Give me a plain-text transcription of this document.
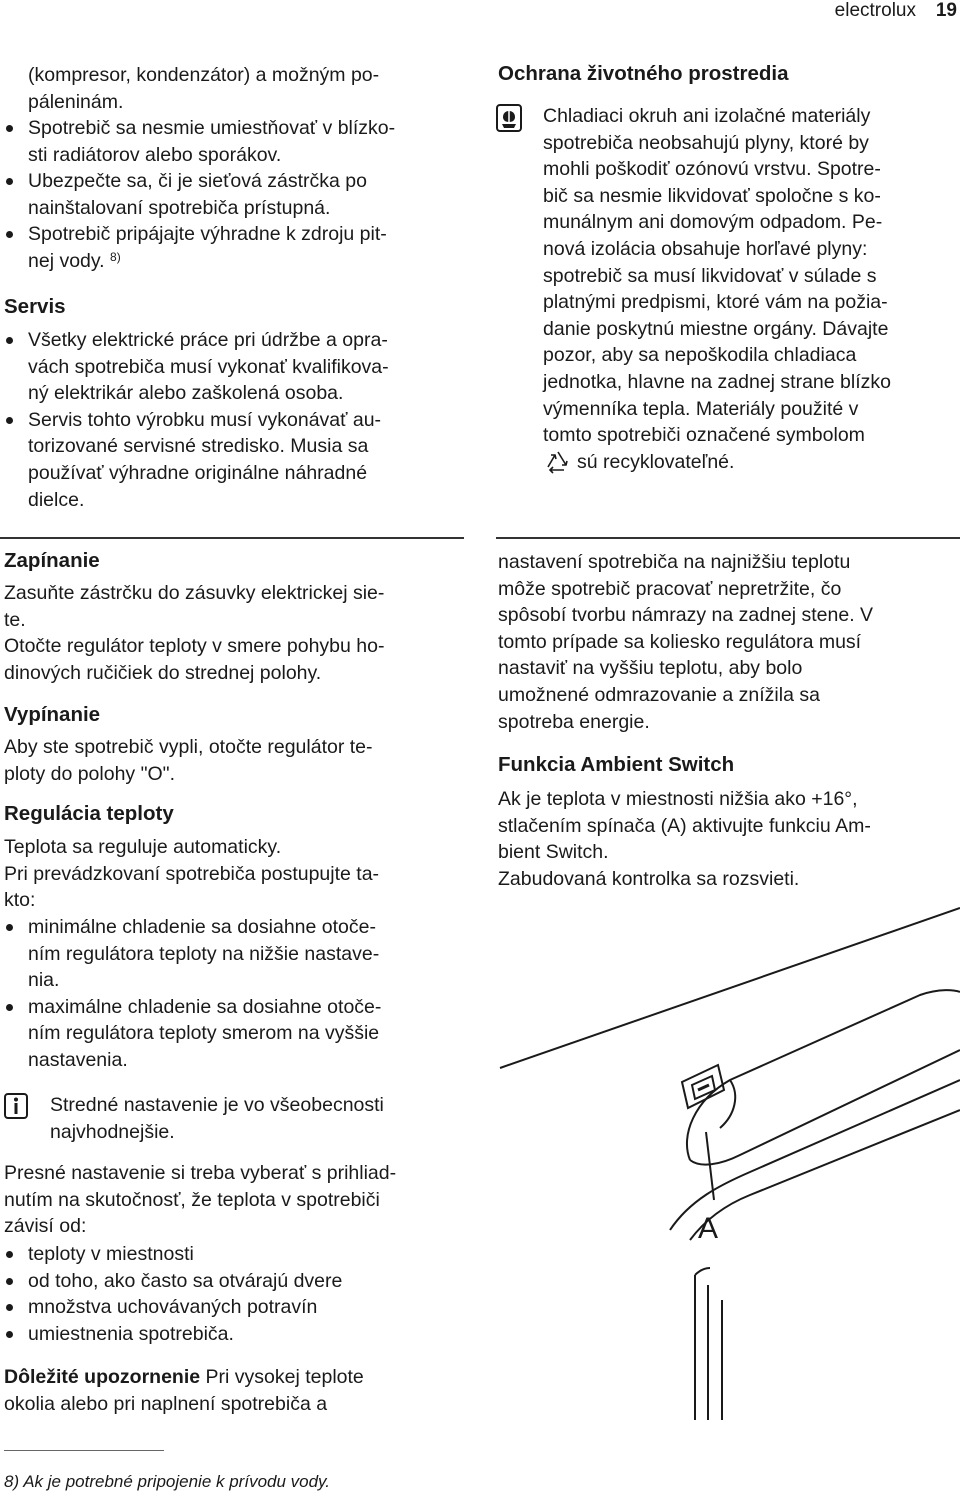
electrolux 19
(kompresor, kondenzátor) a možným po-
páleninám.
Spotrebič sa nesmie umiestňovať v blízko-
sti radiátorov alebo sporákov.
Ubezpečte sa, či je sieťová zástrčka po
nainštalovaní spotrebiča prístupná.
Spotrebič pripájajte výhradne k zdroju pit-
nej vody. $^{8)}$
Servis
Všetky elektrické práce pri údržbe a opra-
vách spotrebiča musí vykonať kvalifikova-
ný elektrikár alebo zaškolená osoba.
Servis tohto výrobku musí vykonávať au-
torizované servisné stredisko. Musia sa
používať výhradne originálne náhradné
dielce.
Ochrana životného prostredia
Chladiaci okruh ani izolačné materiály
spotrebiča neobsahujú plyny, ktoré by
mohli poškodiť ozónovú vrstvu. Spotre-
bič sa nesmie likvidovať spoločne s ko-
munálnym ani domovým odpadom. Pe-
nová izolácia obsahuje horľavé plyny:
spotrebič sa musí likvidovať v súlade s
platnými predpismi, ktoré vám na požia-
danie poskytnú miestne orgány. Dávajte
pozor, aby sa nepoškodila chladiaca
jednotka, hlavne na zadnej strane blízko
výmenníka tepla. Materiály použité v
tomto spotrebiči označené symbolom
sú recyklovateľné.
Zapínanie
Zasuňte zástrčku do zásuvky elektrickej sie-
te.
Otočte regulátor teploty v smere pohybu ho-
dinových ručičiek do strednej polohy.
Vypínanie
Aby ste spotrebič vypli, otočte regulátor te-
ploty do polohy "O".
Regulácia teploty
Teplota sa reguluje automaticky.
Pri prevádzkovaní spotrebiča postupujte ta-
kto:
minimálne chladenie sa dosiahne otoče-
ním regulátora teploty na nižšie nastave-
nia.
maximálne chladenie sa dosiahne otoče-
ním regulátora teploty smerom na vyššie
nastavenia.
Stredné nastavenie je vo všeobecnosti
najvhodnejšie.
Presné nastavenie si treba vyberať s prihliad-
nutím na skutočnosť, že teplota v spotrebiči
závisí od:
teploty v miestnosti
od toho, ako často sa otvárajú dvere
množstva uchovávaných potravín
umiestnenia spotrebiča.
Dôležité upozornenie Pri vysokej teplote
okolia alebo pri naplnení spotrebiča a
nastavení spotrebiča na najnižšiu teplotu
môže spotrebič pracovať nepretržite, čo
spôsobí tvorbu námrazy na zadnej stene. V
tomto prípade sa koliesko regulátora musí
nastaviť na vyššiu teplotu, aby bolo
umožnené odmrazovanie a znížila sa
spotreba energie.
Funkcia Ambient Switch
Ak je teplota v miestnosti nižšia ako +16°,
stlačením spínača (A) aktivujte funkciu Am-
bient Switch.
Zabudovaná kontrolka sa rozsvieti.
A
8) Ak je potrebné pripojenie k prívodu vody.
